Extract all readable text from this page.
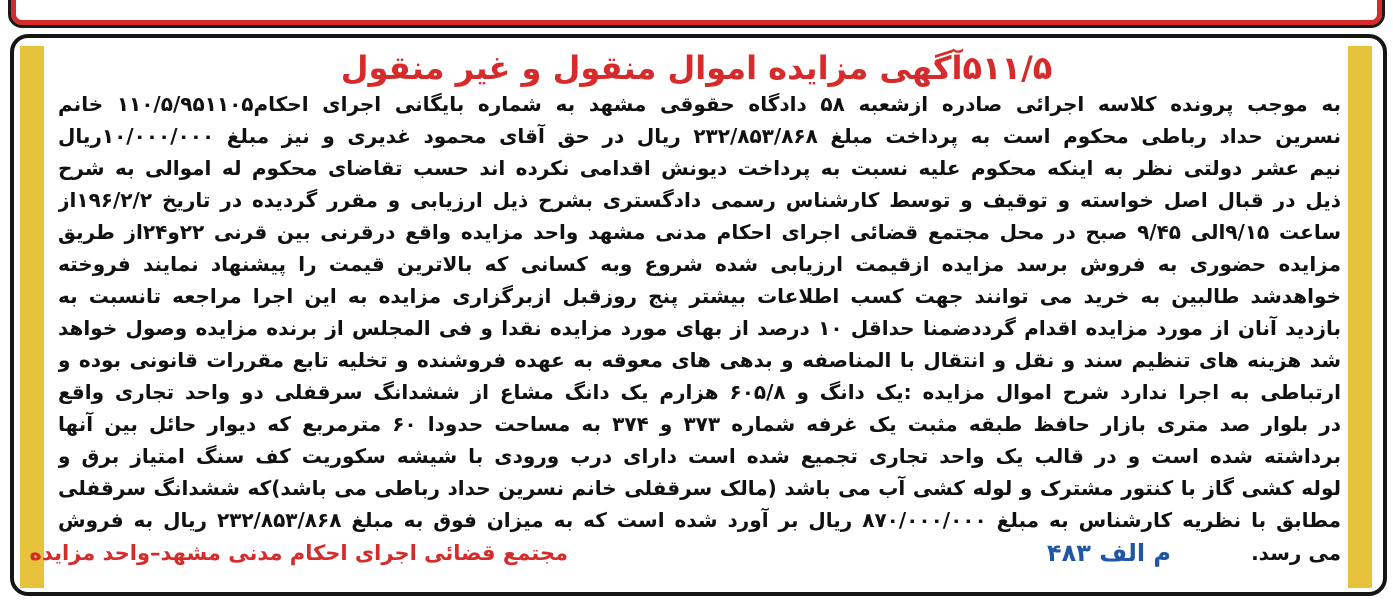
۵۱۱/۵آگهی مزایده اموال منقول و غیر منقول
به موجب پرونده کلاسه اجرائی صادره ازشعبه ۵۸ دادگاه حقوقی مشهد به شماره بایگانی اجرای احکام۱۱۰/۵/۹۵۱۱۰۵ خانم
نسرین حداد رباطی محکوم است به پرداخت مبلغ ۲۳۲/۸۵۳/۸۶۸ ریال در حق آقای محمود غدیری و نیز مبلغ ۱۰/۰۰۰/۰۰۰ریال
نیم عشر دولتی نظر به اینکه محکوم علیه نسبت به پرداخت دیونش اقدامی نکرده اند حسب تقاضای محکوم له اموالی به شرح
ذیل در قبال اصل خواسته و توقیف و توسط کارشناس رسمی دادگستری بشرح ذیل ارزیابی و مقرر گردیده در تاریخ ۱۹۶/۲/۲از
ساعت ۹/۱۵الی ۹/۴۵ صبح در محل مجتمع قضائی اجرای احکام مدنی مشهد واحد مزایده واقع درقرنی بین قرنی ۲۲و۲۴از طریق
مزایده حضوری به فروش برسد مزایده ازقیمت ارزیابی شده شروع وبه کسانی که بالاترین قیمت را پیشنهاد نمایند فروخته
خواهدشد طالبین به خرید می توانند جهت کسب اطلاعات بیشتر پنج روزقبل ازبرگزاری مزایده به این اجرا مراجعه تانسبت به
بازدید آنان از مورد مزایده اقدام گرددضمنا حداقل ۱۰ درصد از بهای مورد مزایده نقدا و فی المجلس از برنده مزایده وصول خواهد
شد هزینه های تنظیم سند و نقل و انتقال با المناصفه و بدهی های معوقه به عهده فروشنده و تخلیه تابع مقررات قانونی بوده و
ارتباطی به اجرا ندارد شرح اموال مزایده :یک دانگ و ۶۰۵/۸ هزارم یک دانگ مشاع از ششدانگ سرقفلی دو واحد تجاری واقع
در بلوار صد متری بازار حافظ طبقه مثبت یک غرفه شماره ۳۷۳ و ۳۷۴ به مساحت حدودا ۶۰ مترمربع که دیوار حائل بین آنها
برداشته شده است و در قالب یک واحد تجاری تجمیع شده است دارای درب ورودی با شیشه سکوریت کف سنگ امتیاز برق و
لوله کشی گاز با کنتور مشترک و لوله کشی آب می باشد (مالک سرقفلی خانم نسرین حداد رباطی می باشد)که ششدانگ سرقفلی
مطابق با نظریه کارشناس به مبلغ ۸۷۰/۰۰۰/۰۰۰ ریال بر آورد شده است که به میزان فوق به مبلغ ۲۳۲/۸۵۳/۸۶۸ ریال به فروش
می رسد.
م الف ۴۸۳
مجتمع قضائی اجرای احکام مدنی مشهد–واحد مزایده
